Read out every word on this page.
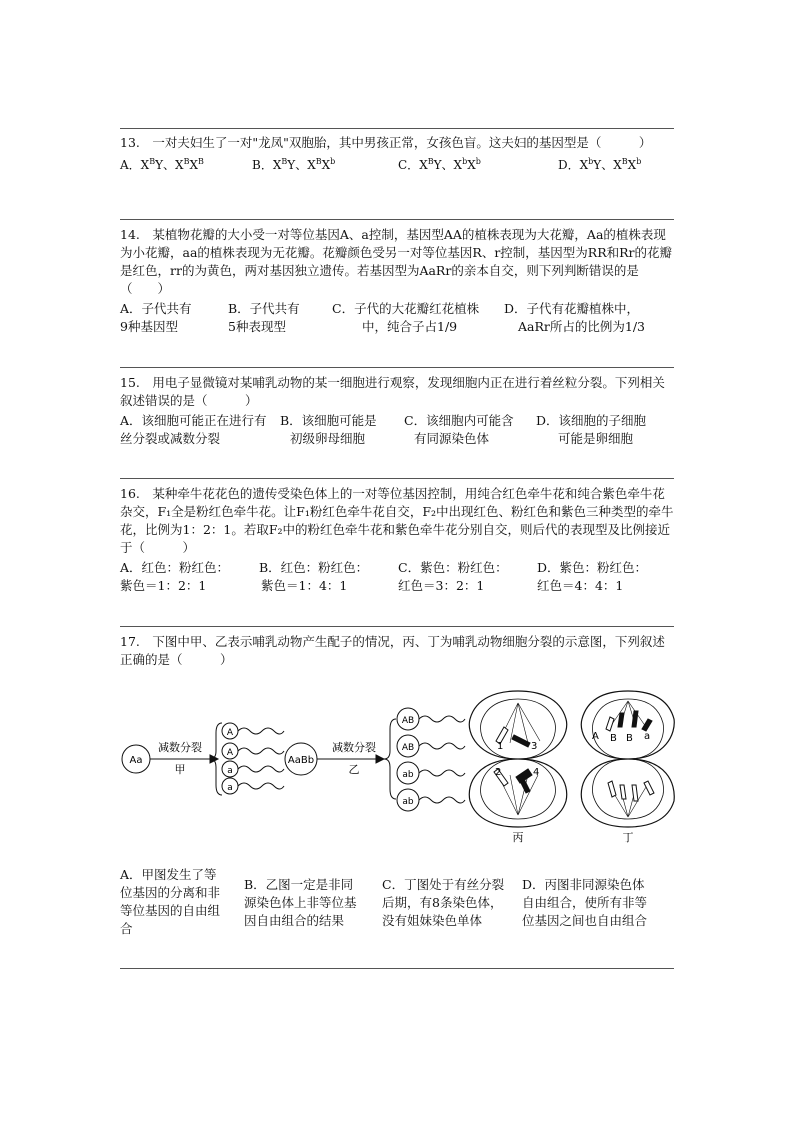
13.　一对夫妇生了一对"龙凤"双胞胎，其中男孩正常，女孩色盲。这夫妇的基因型是（　　　）

A．$X^BY$、$X^BX^B$	B．$X^BY$、$X^BX^b$	C．$X^BY$、$X^bX^b$	D．$X^bY$、$X^BX^b$

14.　某植物花瓣的大小受一对等位基因A、a控制，基因型AA的植株表现为大花瓣，Aa的植株表现为小花瓣，aa的植株表现为无花瓣。花瓣颜色受另一对等位基因R、r控制，基因型为RR和Rr的花瓣是红色，rr的为黄色，两对基因独立遗传。若基因型为AaRr的亲本自交，则下列判断错误的是（　　）

A．子代共有
9种基因型
B．子代共有
5种表现型
C．子代的大花瓣红花植株
中，纯合子占1/9
D．子代有花瓣植株中，
AaRr所占的比例为1/3

15.　用电子显微镜对某哺乳动物的某一细胞进行观察，发现细胞内正在进行着丝粒分裂。下列相关叙述错误的是（　　　）

A．该细胞可能正在进行有
丝分裂或减数分裂
B．该细胞可能是
初级卵母细胞
C．该细胞内可能含
有同源染色体
D．该细胞的子细胞
可能是卵细胞

16.　某种牵牛花花色的遗传受染色体上的一对等位基因控制，用纯合红色牵牛花和纯合紫色牵牛花杂交，F₁全是粉红色牵牛花。让F₁粉红色牵牛花自交，F₂中出现红色、粉红色和紫色三种类型的牵牛花，比例为1：2：1。若取F₂中的粉红色牵牛花和紫色牵牛花分别自交，则后代的表现型及比例接近于（　　　）

A．红色：粉红色：
紫色＝1：2：1
B．红色：粉红色：
紫色＝1：4：1
C．紫色：粉红色：
红色＝3：2：1
D．紫色：粉红色：
红色＝4：4：1

17.　下图中甲、乙表示哺乳动物产生配子的情况，丙、丁为哺乳动物细胞分裂的示意图，下列叙述正确的是（　　　）

Aa
减数分裂
甲
A
A
a
a
AaBb
减数分裂
乙
AB
AB
ab
ab
1	3
2	4
A B B a
丙	丁
A．甲图发生了等
位基因的分离和非
等位基因的自由组
合
B．乙图一定是非同
源染色体上非等位基
因自由组合的结果
C．丁图处于有丝分裂
后期，有8条染色体，
没有姐妹染色单体
D．丙图非同源染色体
自由组合，使所有非等
位基因之间也自由组合
